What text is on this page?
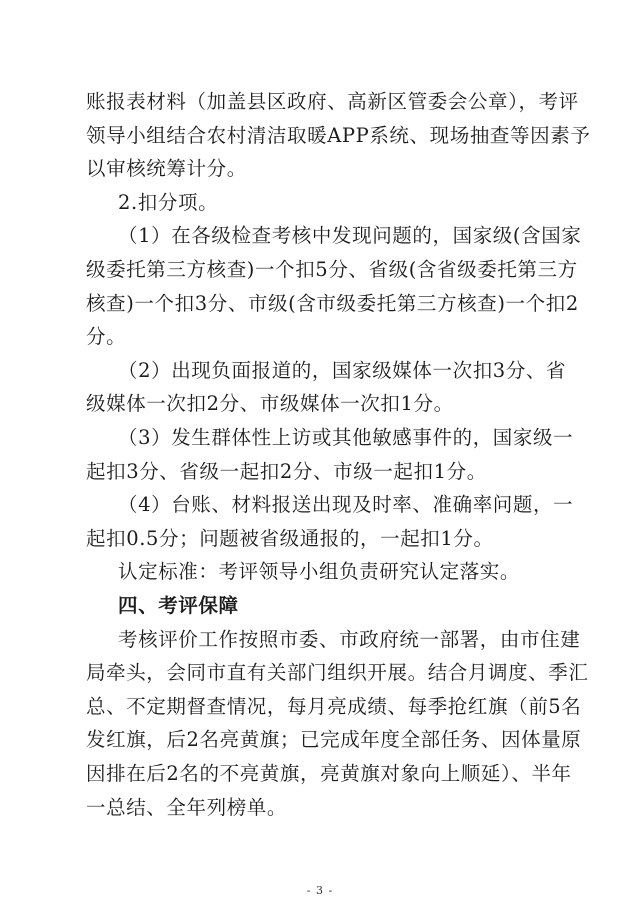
账报表材料（加盖县区政府、高新区管委会公章），考评
领导小组结合农村清洁取暖APP系统、现场抽查等因素予
以审核统筹计分。
2.扣分项。
（1）在各级检查考核中发现问题的，国家级(含国家
级委托第三方核查)一个扣5分、省级(含省级委托第三方
核查)一个扣3分、市级(含市级委托第三方核查)一个扣2
分。
（2）出现负面报道的，国家级媒体一次扣3分、省
级媒体一次扣2分、市级媒体一次扣1分。
（3）发生群体性上访或其他敏感事件的，国家级一
起扣3分、省级一起扣2分、市级一起扣1分。
（4）台账、材料报送出现及时率、准确率问题，一
起扣0.5分；问题被省级通报的，一起扣1分。
认定标准：考评领导小组负责研究认定落实。
四、考评保障
考核评价工作按照市委、市政府统一部署，由市住建
局牵头，会同市直有关部门组织开展。结合月调度、季汇
总、不定期督查情况，每月亮成绩、每季抢红旗（前5名
发红旗，后2名亮黄旗；已完成年度全部任务、因体量原
因排在后2名的不亮黄旗，亮黄旗对象向上顺延）、半年
一总结、全年列榜单。
- 3 -
